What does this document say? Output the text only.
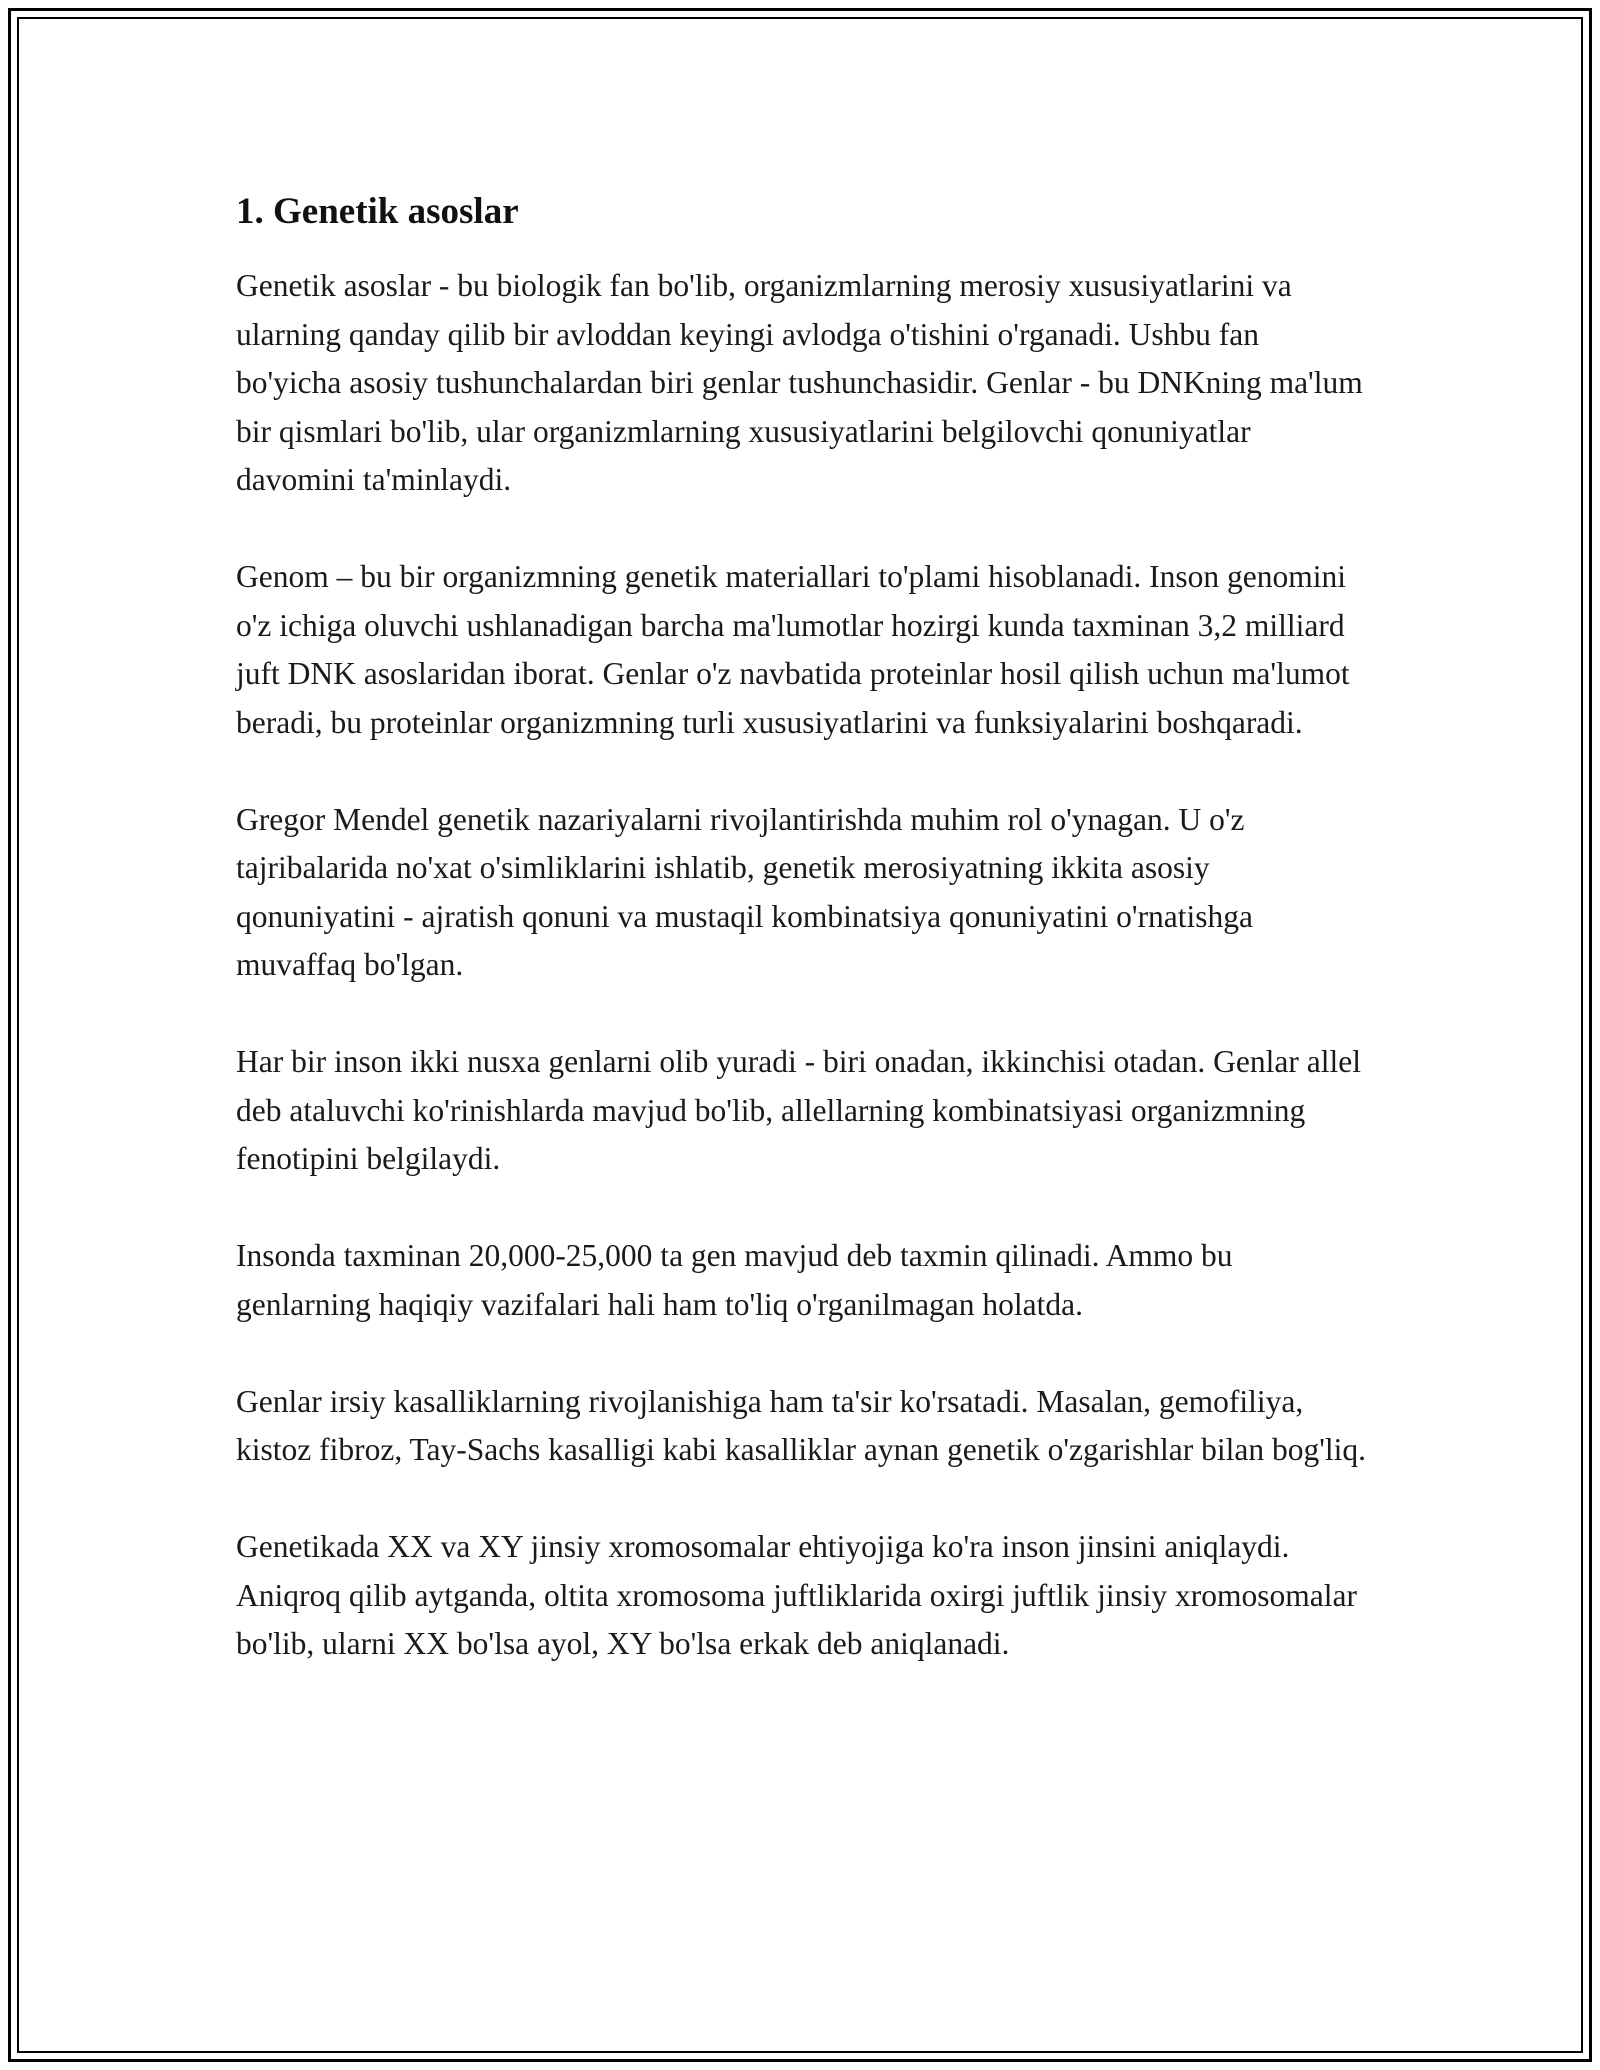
1. Genetik asoslar

Genetik asoslar - bu biologik fan bo'lib, organizmlarning merosiy xususiyatlarini va ularning qanday qilib bir avloddan keyingi avlodga o'tishini o'rganadi. Ushbu fan bo'yicha asosiy tushunchalardan biri genlar tushunchasidir. Genlar - bu DNKning ma'lum bir qismlari bo'lib, ular organizmlarning xususiyatlarini belgilovchi qonuniyatlar davomini ta'minlaydi.

Genom – bu bir organizmning genetik materiallari to'plami hisoblanadi. Inson genomini o'z ichiga oluvchi ushlanadigan barcha ma'lumotlar hozirgi kunda taxminan 3,2 milliard juft DNK asoslaridan iborat. Genlar o'z navbatida proteinlar hosil qilish uchun ma'lumot beradi, bu proteinlar organizmning turli xususiyatlarini va funksiyalarini boshqaradi.

Gregor Mendel genetik nazariyalarni rivojlantirishda muhim rol o'ynagan. U o'z tajribalarida no'xat o'simliklarini ishlatib, genetik merosiyatning ikkita asosiy qonuniyatini - ajratish qonuni va mustaqil kombinatsiya qonuniyatini o'rnatishga muvaffaq bo'lgan.

Har bir inson ikki nusxa genlarni olib yuradi - biri onadan, ikkinchisi otadan. Genlar allel deb ataluvchi ko'rinishlarda mavjud bo'lib, allellarning kombinatsiyasi organizmning fenotipini belgilaydi.

Insonda taxminan 20,000-25,000 ta gen mavjud deb taxmin qilinadi. Ammo bu genlarning haqiqiy vazifalari hali ham to'liq o'rganilmagan holatda.

Genlar irsiy kasalliklarning rivojlanishiga ham ta'sir ko'rsatadi. Masalan, gemofiliya, kistoz fibroz, Tay-Sachs kasalligi kabi kasalliklar aynan genetik o'zgarishlar bilan bog'liq.

Genetikada XX va XY jinsiy xromosomalar ehtiyojiga ko'ra inson jinsini aniqlaydi. Aniqroq qilib aytganda, oltita xromosoma juftliklarida oxirgi juftlik jinsiy xromosomalar bo'lib, ularni XX bo'lsa ayol, XY bo'lsa erkak deb aniqlanadi.
